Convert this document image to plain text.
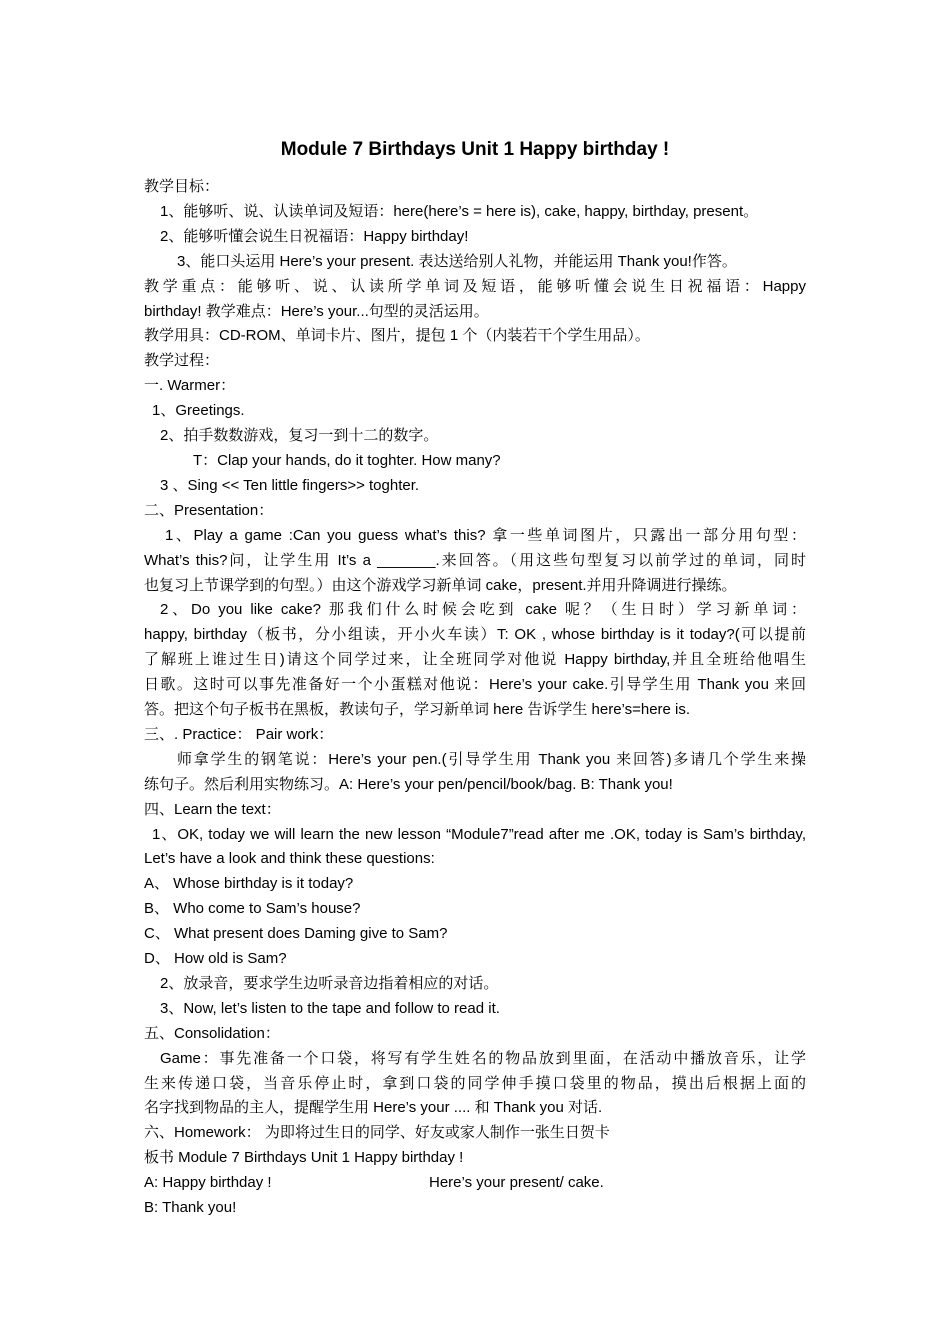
Module 7 Birthdays Unit 1 Happy birthday !
教学目标：
1、能够听、说、认读单词及短语：here(here’s = here is), cake, happy, birthday, present。
2、能够听懂会说生日祝福语：Happy birthday!
3、能口头运用 Here’s your present. 表达送给别人礼物，并能运用 Thank you!作答。
教学重点：能够听、说、认读所学单词及短语，能够听懂会说生日祝福语：Happy
birthday! 教学难点：Here’s your...句型的灵活运用。
教学用具：CD-ROM、单词卡片、图片，提包 1 个（内装若干个学生用品）。
教学过程：
一. Warmer：
1、Greetings.
2、拍手数数游戏，复习一到十二的数字。
T：Clap your hands, do it toghter. How many?
3 、Sing << Ten little fingers>> toghter.
二、Presentation：
1、Play a game :Can you guess what’s this? 拿一些单词图片，只露出一部分用句型：
What’s this?问，让学生用 It’s a _______.来回答。（用这些句型复习以前学过的单词，同时
也复习上节课学到的句型。）由这个游戏学习新单词 cake，present.并用升降调进行操练。
2、Do you like cake? 那我们什么时候会吃到 cake 呢？（生日时）学习新单词：
happy, birthday（板书，分小组读，开小火车读）T: OK , whose birthday is it today?(可以提前
了解班上谁过生日)请这个同学过来，让全班同学对他说 Happy birthday,并且全班给他唱生
日歌。这时可以事先准备好一个小蛋糕对他说：Here’s your cake.引导学生用 Thank you 来回
答。把这个句子板书在黑板，教读句子，学习新单词 here 告诉学生 here’s=here is.
三、. Practice： Pair work：
师拿学生的钢笔说：Here’s your pen.(引导学生用 Thank you 来回答)多请几个学生来操
练句子。然后利用实物练习。A: Here’s your pen/pencil/book/bag. B: Thank you!
四、Learn the text：
1、OK, today we will learn the new lesson “Module7”read after me .OK, today is Sam’s birthday,
Let’s have a look and think these questions:
A、 Whose birthday is it today?
B、 Who come to Sam’s house?
C、 What present does Daming give to Sam?
D、 How old is Sam?
2、放录音，要求学生边听录音边指着相应的对话。
3、Now, let’s listen to the tape and follow to read it.
五、Consolidation：
Game：事先准备一个口袋，将写有学生姓名的物品放到里面，在活动中播放音乐，让学
生来传递口袋，当音乐停止时，拿到口袋的同学伸手摸口袋里的物品，摸出后根据上面的
名字找到物品的主人，提醒学生用 Here’s your .... 和 Thank you 对话.
六、Homework： 为即将过生日的同学、好友或家人制作一张生日贺卡
板书 Module 7 Birthdays Unit 1 Happy birthday !
A: Happy birthday !	Here’s your present/ cake.
B: Thank you!
